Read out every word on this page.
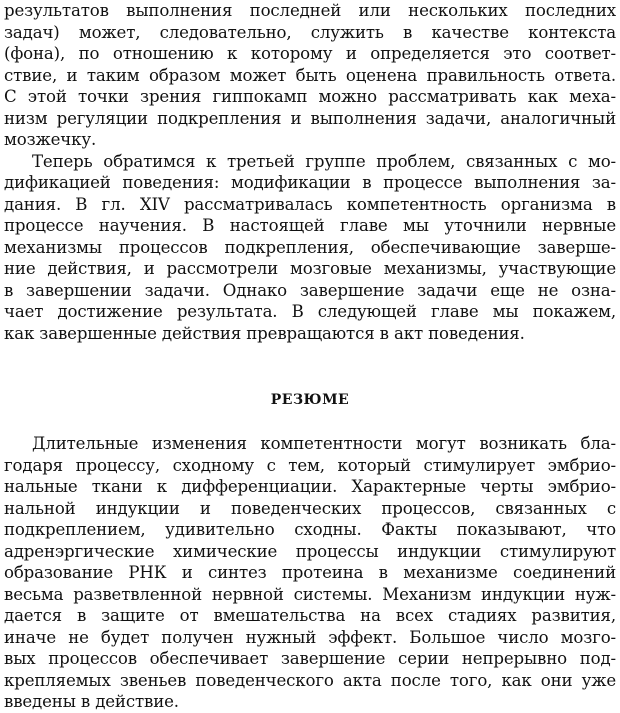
результатов выполнения последней или нескольких последних
задач) может, следовательно, служить в качестве контекста
(фона), по отношению к которому и определяется это соответ-
ствие, и таким образом может быть оценена правильность ответа.
С этой точки зрения гиппокамп можно рассматривать как меха-
низм регуляции подкрепления и выполнения задачи, аналогичный
мозжечку.
Теперь обратимся к третьей группе проблем, связанных с мо-
дификацией поведения: модификации в процессе выполнения за-
дания. В гл. XIV рассматривалась компетентность организма в
процессе научения. В настоящей главе мы уточнили нервные
механизмы процессов подкрепления, обеспечивающие заверше-
ние действия, и рассмотрели мозговые механизмы, участвующие
в завершении задачи. Однако завершение задачи еще не озна-
чает достижение результата. В следующей главе мы покажем,
как завершенные действия превращаются в акт поведения.
РЕЗЮМЕ
Длительные изменения компетентности могут возникать бла-
годаря процессу, сходному с тем, который стимулирует эмбрио-
нальные ткани к дифференциации. Характерные черты эмбрио-
нальной индукции и поведенческих процессов, связанных с
подкреплением, удивительно сходны. Факты показывают, что
адренэргические химические процессы индукции стимулируют
образование РНК и синтез протеина в механизме соединений
весьма разветвленной нервной системы. Механизм индукции нуж-
дается в защите от вмешательства на всех стадиях развития,
иначе не будет получен нужный эффект. Большое число мозго-
вых процессов обеспечивает завершение серии непрерывно под-
крепляемых звеньев поведенческого акта после того, как они уже
введены в действие.
